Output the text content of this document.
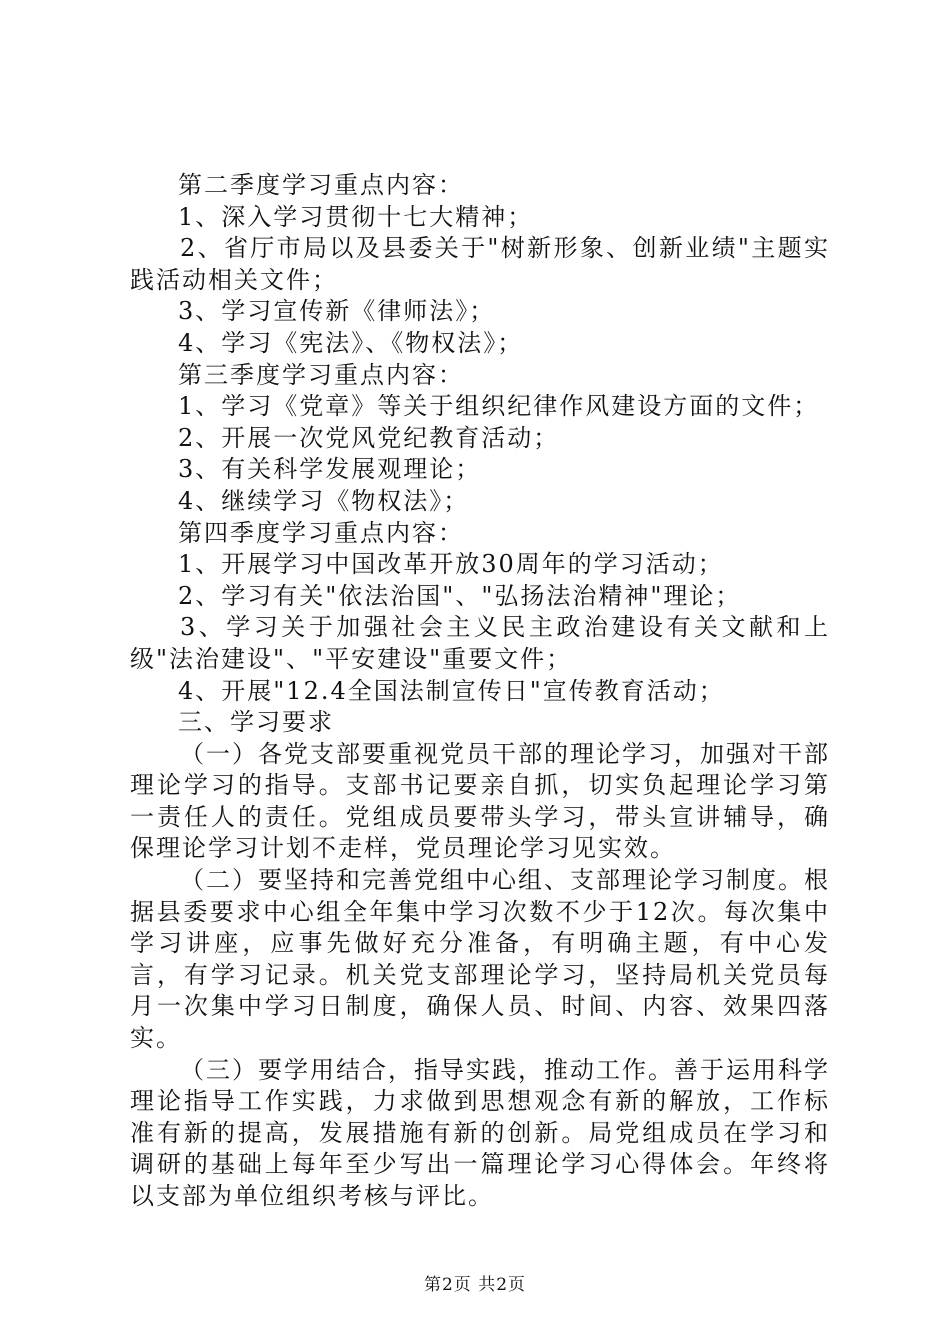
第二季度学习重点内容：
1、深入学习贯彻十七大精神；
2、省厅市局以及县委关于"树新形象、创新业绩"主题实践活动相关文件；
3、学习宣传新《律师法》；
4、学习《宪法》、《物权法》；
第三季度学习重点内容：
1、学习《党章》等关于组织纪律作风建设方面的文件；
2、开展一次党风党纪教育活动；
3、有关科学发展观理论；
4、继续学习《物权法》；
第四季度学习重点内容：
1、开展学习中国改革开放30周年的学习活动；
2、学习有关"依法治国"、"弘扬法治精神"理论；
3、学习关于加强社会主义民主政治建设有关文献和上级"法治建设"、"平安建设"重要文件；
4、开展"12.4全国法制宣传日"宣传教育活动；
三、学习要求
（一）各党支部要重视党员干部的理论学习，加强对干部理论学习的指导。支部书记要亲自抓，切实负起理论学习第一责任人的责任。党组成员要带头学习，带头宣讲辅导，确保理论学习计划不走样，党员理论学习见实效。
（二）要坚持和完善党组中心组、支部理论学习制度。根据县委要求中心组全年集中学习次数不少于12次。每次集中学习讲座，应事先做好充分准备，有明确主题，有中心发言，有学习记录。机关党支部理论学习，坚持局机关党员每月一次集中学习日制度，确保人员、时间、内容、效果四落实。
（三）要学用结合，指导实践，推动工作。善于运用科学理论指导工作实践，力求做到思想观念有新的解放，工作标准有新的提高，发展措施有新的创新。局党组成员在学习和调研的基础上每年至少写出一篇理论学习心得体会。年终将以支部为单位组织考核与评比。
第2页 共2页
